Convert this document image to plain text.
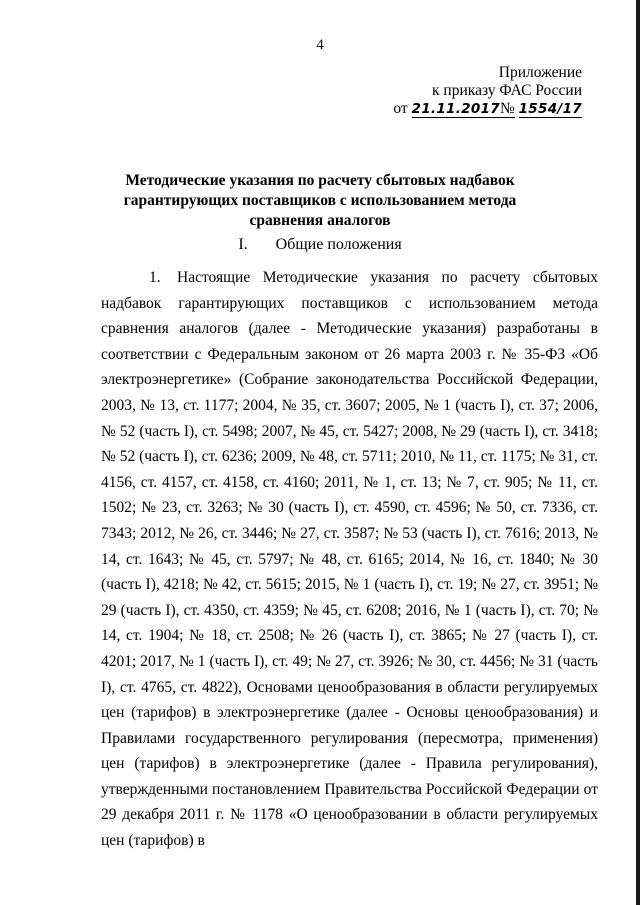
4
Приложение
к приказу ФАС России
от 21.11.2017№ 1554/17
Методические указания по расчету сбытовых надбавок гарантирующих поставщиков с использованием метода сравнения аналогов
I. Общие положения

1. Настоящие Методические указания по расчету сбытовых надбавок гарантирующих поставщиков с использованием метода сравнения аналогов (далее - Методические указания) разработаны в соответствии с Федеральным законом от 26 марта 2003 г. № 35-ФЗ «Об электроэнергетике» (Собрание законодательства Российской Федерации, 2003, № 13, ст. 1177; 2004, № 35, ст. 3607; 2005, № 1 (часть I), ст. 37; 2006, № 52 (часть I), ст. 5498; 2007, № 45, ст. 5427; 2008, № 29 (часть I), ст. 3418; № 52 (часть I), ст. 6236; 2009, № 48, ст. 5711; 2010, № 11, ст. 1175; № 31, ст. 4156, ст. 4157, ст. 4158, ст. 4160; 2011, № 1, ст. 13; № 7, ст. 905; № 11, ст. 1502; № 23, ст. 3263; № 30 (часть I), ст. 4590, ст. 4596; № 50, ст. 7336, ст. 7343; 2012, № 26, ст. 3446; № 27, ст. 3587; № 53 (часть I), ст. 7616; 2013, № 14, ст. 1643; № 45, ст. 5797; № 48, ст. 6165; 2014, № 16, ст. 1840; № 30 (часть I), 4218; № 42, ст. 5615; 2015, № 1 (часть I), ст. 19; № 27, ст. 3951; № 29 (часть I), ст. 4350, ст. 4359; № 45, ст. 6208; 2016, № 1 (часть I), ст. 70; № 14, ст. 1904; № 18, ст. 2508; № 26 (часть I), ст. 3865; № 27 (часть I), ст. 4201; 2017, № 1 (часть I), ст. 49; № 27, ст. 3926; № 30, ст. 4456; № 31 (часть I), ст. 4765, ст. 4822), Основами ценообразования в области регулируемых цен (тарифов) в электроэнергетике (далее - Основы ценообразования) и Правилами государственного регулирования (пересмотра, применения) цен (тарифов) в электроэнергетике (далее - Правила регулирования), утвержденными постановлением Правительства Российской Федерации от 29 декабря 2011 г. № 1178 «О ценообразовании в области регулируемых цен (тарифов) в
